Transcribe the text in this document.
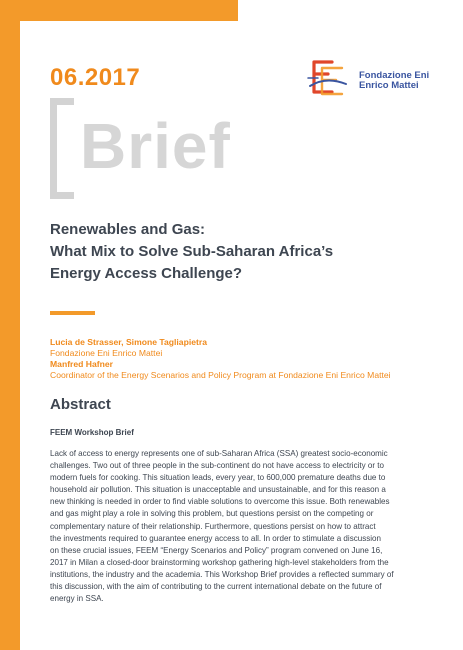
06.2017	Fondazione Eni
Enrico Mattei
Brief
Renewables and Gas:
What Mix to Solve Sub-Saharan Africa’s
Energy Access Challenge?
Lucia de Strasser, Simone Tagliapietra
Fondazione Eni Enrico Mattei
Manfred Hafner
Coordinator of the Energy Scenarios and Policy Program at Fondazione Eni Enrico Mattei
Abstract
FEEM Workshop Brief

Lack of access to energy represents one of sub-Saharan Africa (SSA) greatest socio-economic
challenges. Two out of three people in the sub-continent do not have access to electricity or to
modern fuels for cooking. This situation leads, every year, to 600,000 premature deaths due to
household air pollution. This situation is unacceptable and unsustainable, and for this reason a
new thinking is needed in order to find viable solutions to overcome this issue. Both renewables
and gas might play a role in solving this problem, but questions persist on the competing or
complementary nature of their relationship. Furthermore, questions persist on how to attract
the investments required to guarantee energy access to all. In order to stimulate a discussion
on these crucial issues, FEEM “Energy Scenarios and Policy” program convened on June 16,
2017 in Milan a closed-door brainstorming workshop gathering high-level stakeholders from the
institutions, the industry and the academia. This Workshop Brief provides a reflected summary of
this discussion, with the aim of contributing to the current international debate on the future of
energy in SSA.
